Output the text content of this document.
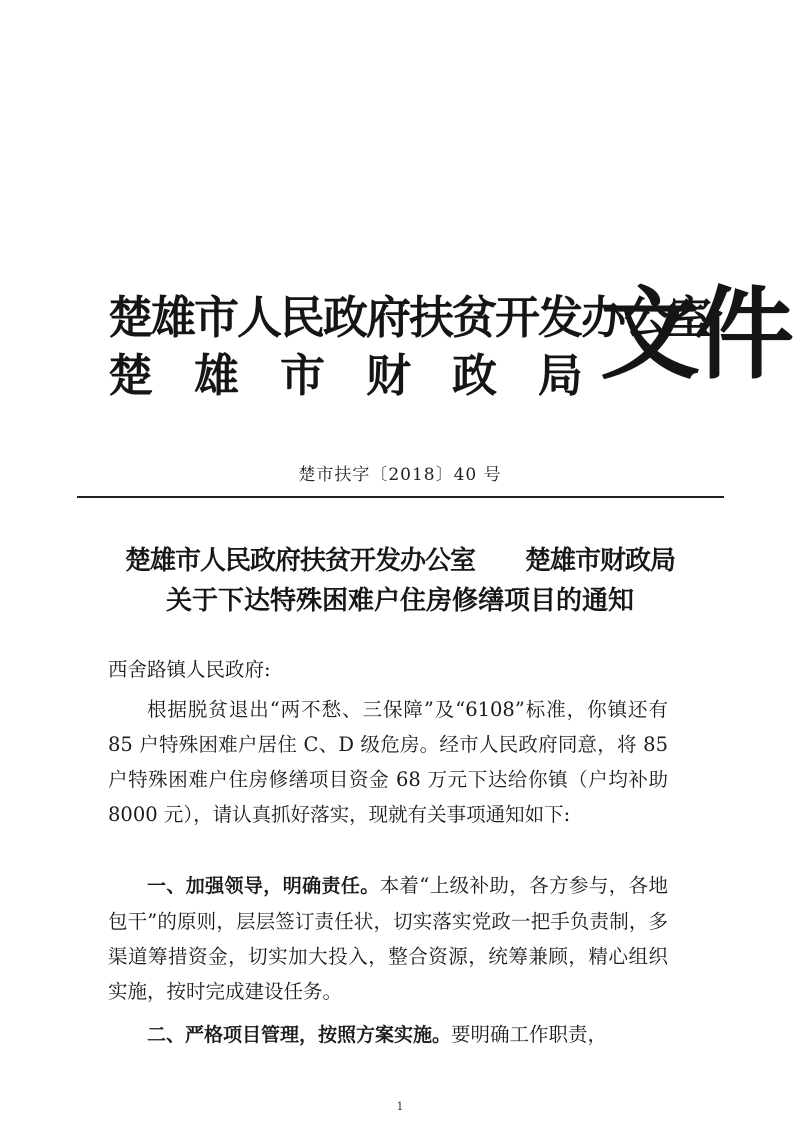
楚雄市人民政府扶贫开发办公室
楚 雄 市 财 政 局 文件
楚市扶字〔2018〕40 号
楚雄市人民政府扶贫开发办公室　　楚雄市财政局
关于下达特殊困难户住房修缮项目的通知
西舍路镇人民政府:
根据脱贫退出“两不愁、三保障”及“6108”标准，你镇还有 85 户特殊困难户居住 C、D 级危房。经市人民政府同意，将 85 户特殊困难户住房修缮项目资金 68 万元下达给你镇（户均补助 8000 元），请认真抓好落实，现就有关事项通知如下:
一、加强领导，明确责任。本着“上级补助，各方参与，各地包干”的原则，层层签订责任状，切实落实党政一把手负责制，多渠道筹措资金，切实加大投入，整合资源，统筹兼顾，精心组织实施，按时完成建设任务。
二、严格项目管理，按照方案实施。要明确工作职责，
1
